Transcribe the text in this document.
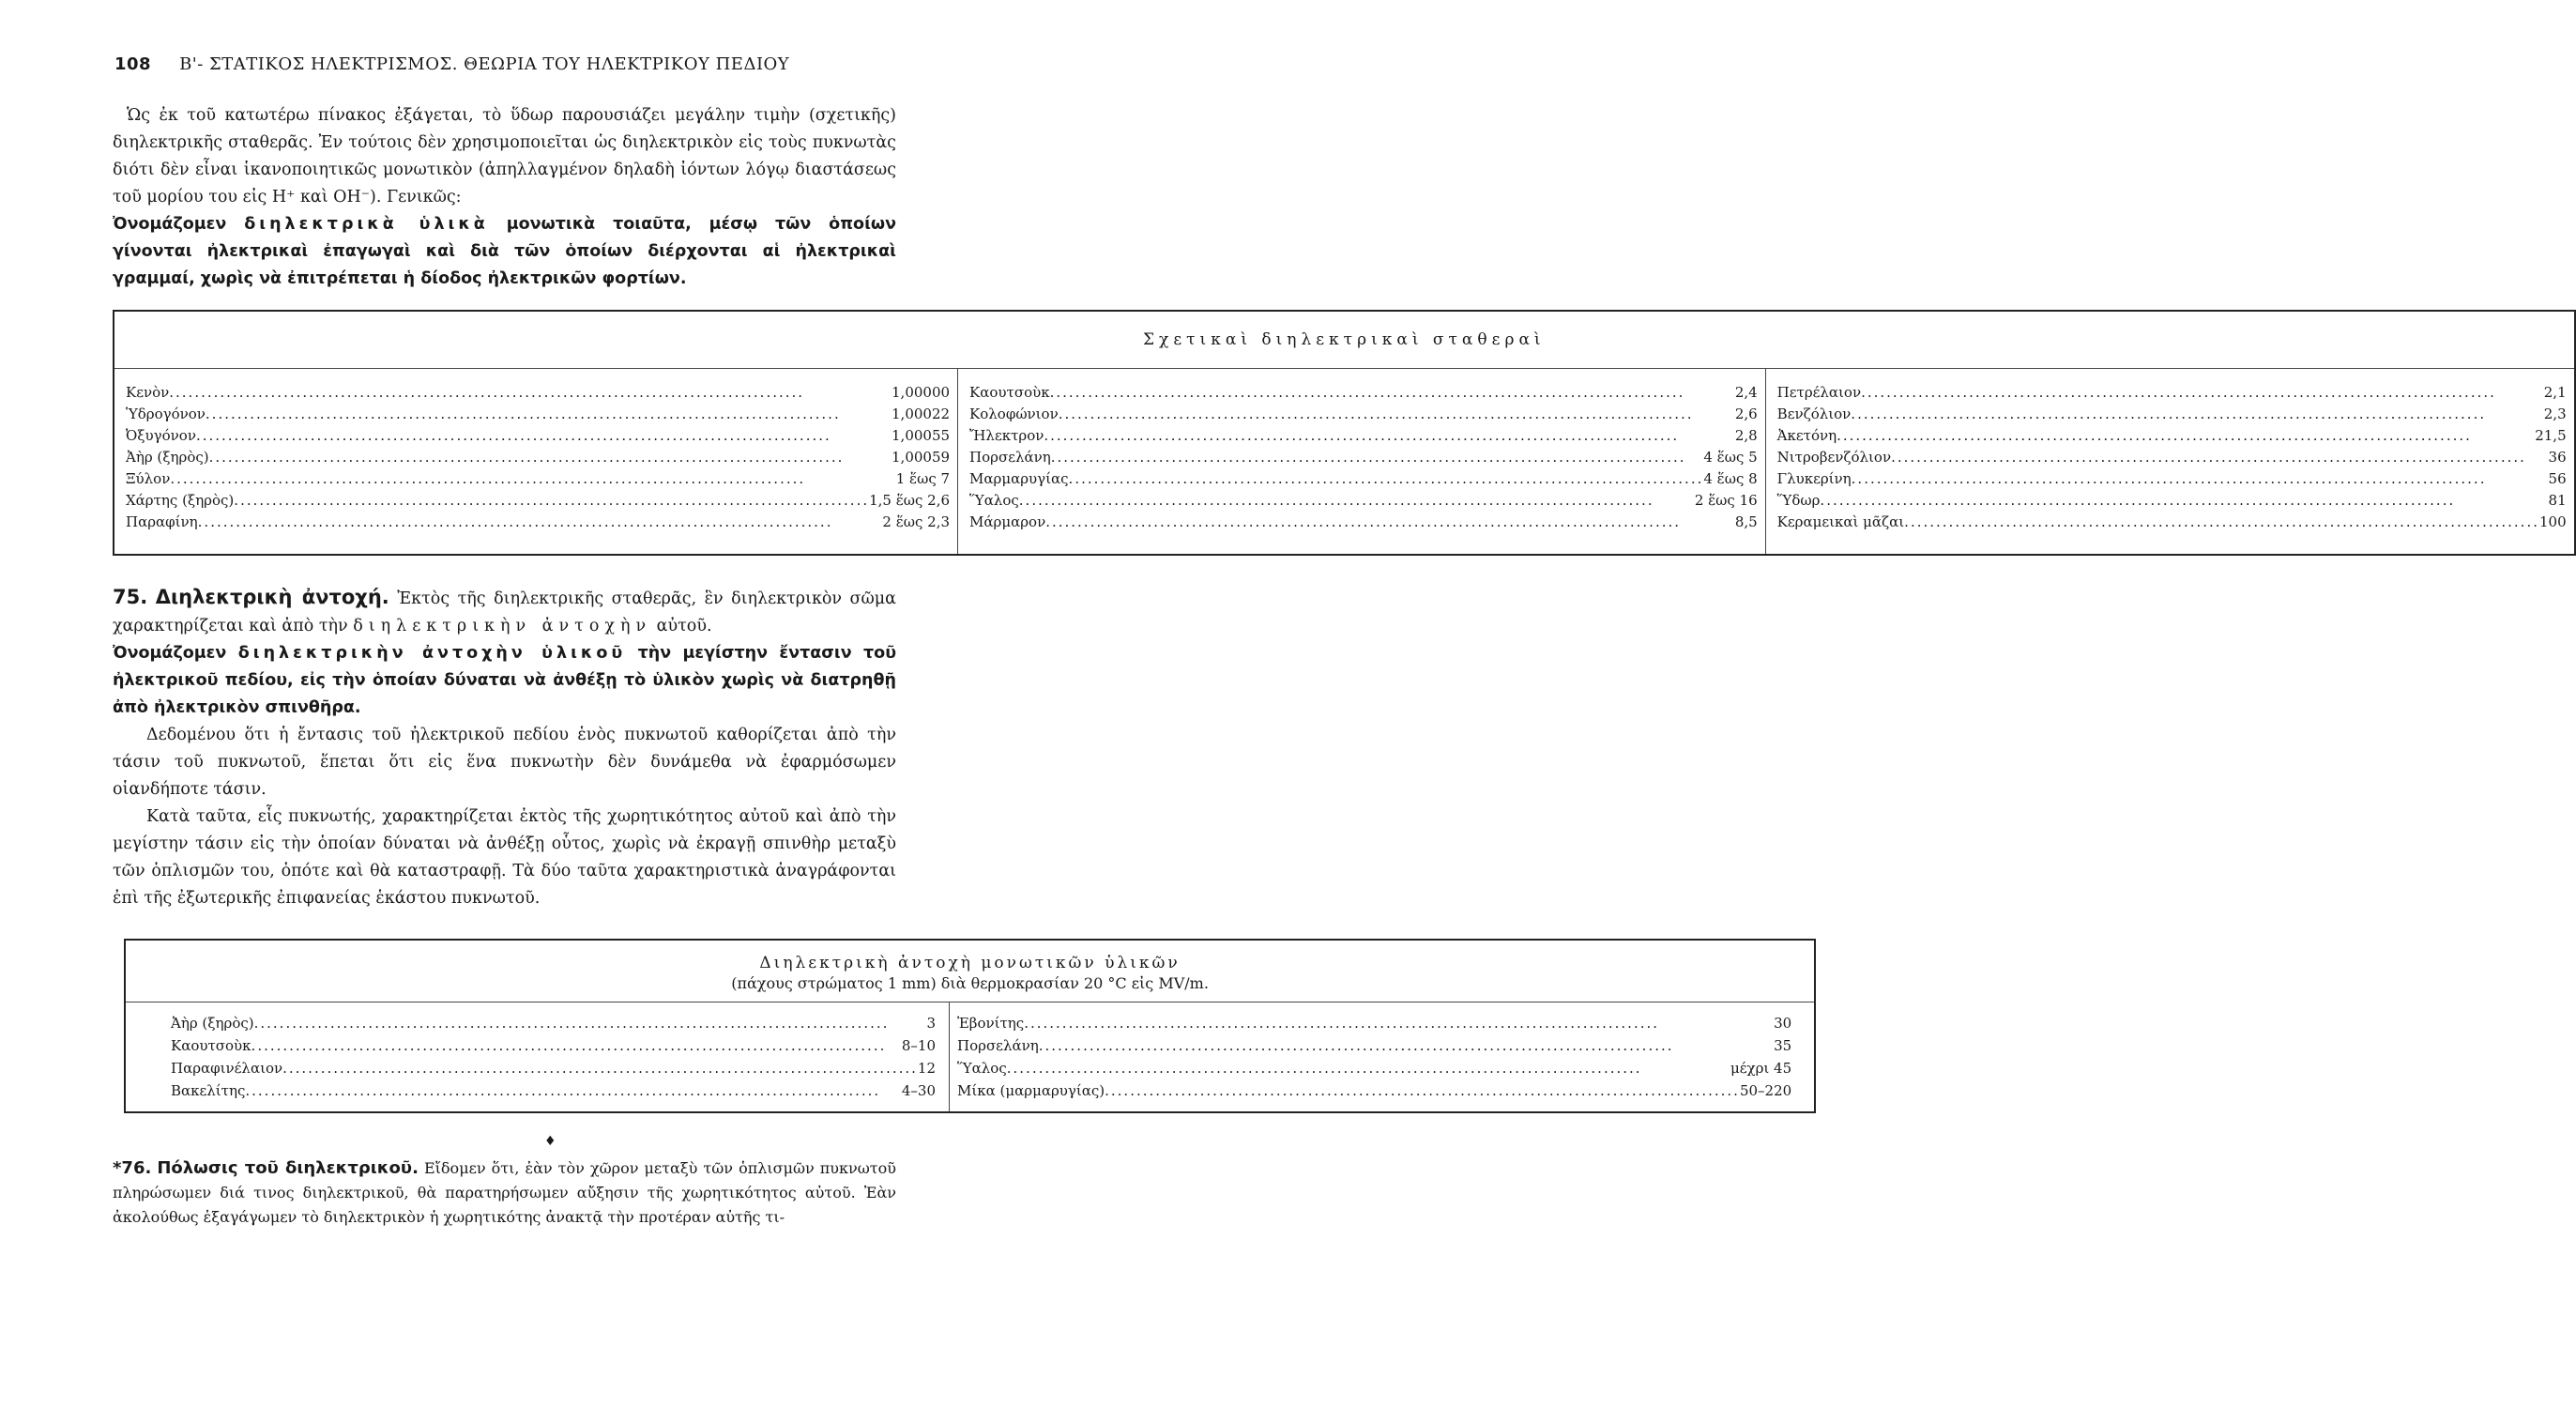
108 Β'- ΣΤΑΤΙΚΟΣ ΗΛΕΚΤΡΙΣΜΟΣ. ΘΕΩΡΙΑ ΤΟΥ ΗΛΕΚΤΡΙΚΟΥ ΠΕΔΙΟΥ

Ὡς ἐκ τοῦ κατωτέρω πίνακος ἐξάγεται, τὸ ὕδωρ παρουσιάζει μεγάλην τιμὴν (σχετικῆς) διηλεκτρικῆς σταθερᾶς. Ἐν τούτοις δὲν χρησιμοποιεῖται ὡς διηλεκτρικὸν εἰς τοὺς πυκνωτὰς διότι δὲν εἶναι ἱκανοποιητικῶς μονωτικὸν (ἀπηλλαγμένον δηλαδὴ ἰόντων λόγῳ διαστάσεως τοῦ μορίου του εἰς H⁺ καὶ OH⁻). Γενικῶς:

Ὀνομάζομεν διηλεκτρικὰ ὑλικὰ μονωτικὰ τοιαῦτα, μέσῳ τῶν ὁποίων γίνονται ἠλεκτρικαὶ ἐπαγωγαὶ καὶ διὰ τῶν ὁποίων διέρχονται αἱ ἠλεκτρικαὶ γραμμαί, χωρὶς νὰ ἐπιτρέπεται ἡ δίοδος ἠλεκτρικῶν φορτίων.

Σχετικαὶ διηλεκτρικαὶ σταθεραὶ

Κενὸν .....	1,00000
Ὑδρογόνον .....	1,00022
Ὀξυγόνον .....	1,00055
Ἀὴρ (ξηρὸς) .....	1,00059
Ξύλον .....	1 ἕως 7
Χάρτης (ξηρὸς) .....	1,5 ἕως 2,6
Παραφίνη .....	2 ἕως 2,3

Καουτσοὺκ .....	2,4
Κολοφώνιον .....	2,6
Ἤλεκτρον .....	2,8
Πορσελάνη .....	4 ἕως 5
Μαρμαρυγίας .....	4 ἕως 8
Ὕαλος .....	2 ἕως 16
Μάρμαρον .....	8,5

Πετρέλαιον .....	2,1
Βενζόλιον .....	2,3
Ἀκετόνη .....	21,5
Νιτροβενζόλιον .....	36
Γλυκερίνη .....	56
Ὕδωρ .....	81
Κεραμεικαὶ μᾶζαι .....	100

75. Διηλεκτρικὴ ἀντοχή. Ἐκτὸς τῆς διηλεκτρικῆς σταθερᾶς, ἓν διηλεκτρικὸν σῶμα χαρακτηρίζεται καὶ ἀπὸ τὴν διηλεκτρικὴν ἀντοχὴν αὐτοῦ.

Ὀνομάζομεν διηλεκτρικὴν ἀντοχὴν ὑλικοῦ τὴν μεγίστην ἔντασιν τοῦ ἠλεκτρικοῦ πεδίου, εἰς τὴν ὁποίαν δύναται νὰ ἀνθέξῃ τὸ ὑλικὸν χωρὶς νὰ διατρηθῇ ἀπὸ ἠλεκτρικὸν σπινθῆρα.

Δεδομένου ὅτι ἡ ἔντασις τοῦ ἠλεκτρικοῦ πεδίου ἑνὸς πυκνωτοῦ καθορίζεται ἀπὸ τὴν τάσιν τοῦ πυκνωτοῦ, ἕπεται ὅτι εἰς ἕνα πυκνωτὴν δὲν δυνάμεθα νὰ ἐφαρμόσωμεν οἱανδήποτε τάσιν.

Κατὰ ταῦτα, εἷς πυκνωτής, χαρακτηρίζεται ἐκτὸς τῆς χωρητικότητος αὐτοῦ καὶ ἀπὸ τὴν μεγίστην τάσιν εἰς τὴν ὁποίαν δύναται νὰ ἀνθέξῃ οὗτος, χωρὶς νὰ ἐκραγῇ σπινθὴρ μεταξὺ τῶν ὁπλισμῶν του, ὁπότε καὶ θὰ καταστραφῇ. Τὰ δύο ταῦτα χαρακτηριστικὰ ἀναγράφονται ἐπὶ τῆς ἐξωτερικῆς ἐπιφανείας ἑκάστου πυκνωτοῦ.

Διηλεκτρικὴ ἀντοχὴ μονωτικῶν ὑλικῶν
(πάχους στρώματος 1 mm) διὰ θερμοκρασίαν 20 °C εἰς MV/m.

Ἀὴρ (ξηρὸς) .....	3
Καουτσοὺκ .....	8–10
Παραφινέλαιον .....	12
Βακελίτης .....	4–30

Ἐβονίτης .....	30
Πορσελάνη .....	35
Ὕαλος .....	μέχρι 45
Μίκα (μαρμαρυγίας) .....	50–220
♦

*76. Πόλωσις τοῦ διηλεκτρικοῦ. Εἴδομεν ὅτι, ἐὰν τὸν χῶρον μεταξὺ τῶν ὁπλισμῶν πυκνωτοῦ πληρώσωμεν διά τινος διηλεκτρικοῦ, θὰ παρατηρήσωμεν αὔξησιν τῆς χωρητικότητος αὐτοῦ. Ἐὰν ἀκολούθως ἐξαγάγωμεν τὸ διηλεκτρικὸν ἡ χωρητικότης ἀνακτᾷ τὴν προτέραν αὐτῆς τι-
